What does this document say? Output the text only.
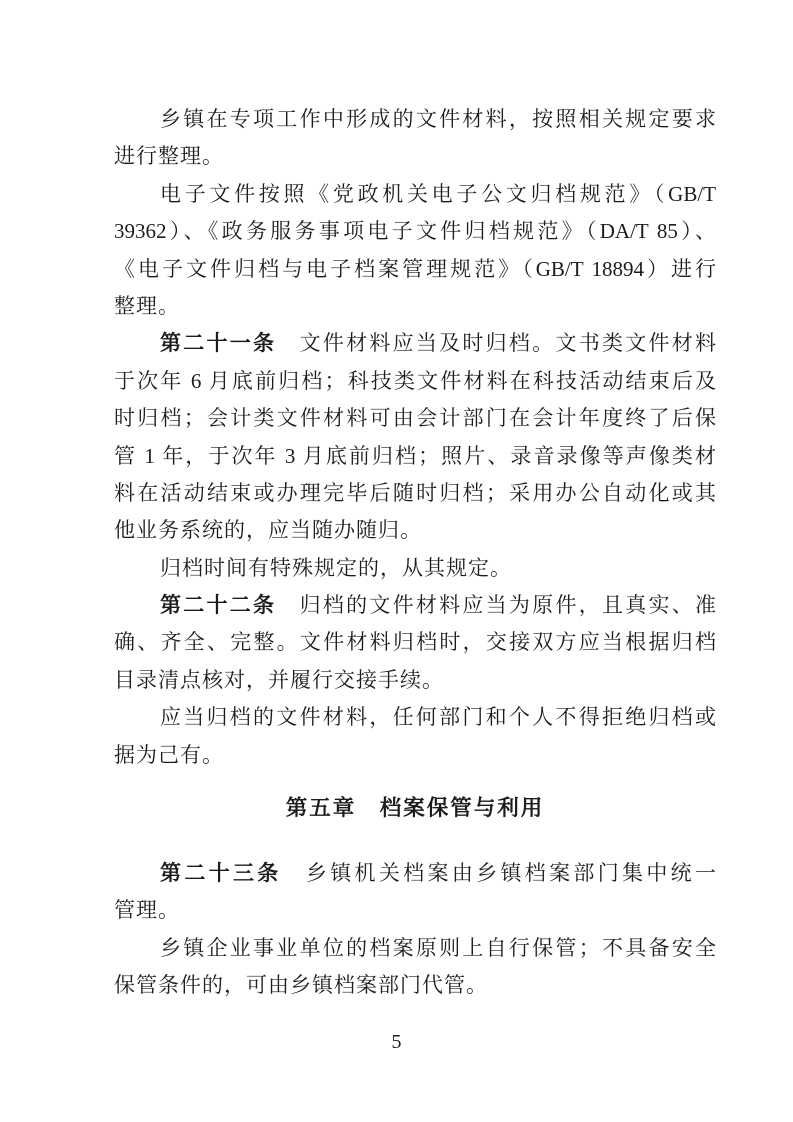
乡镇在专项工作中形成的文件材料，按照相关规定要求
进行整理。
电子文件按照《党政机关电子公文归档规范》（GB/T
39362）、《政务服务事项电子文件归档规范》（DA/T 85）、
《电子文件归档与电子档案管理规范》（GB/T 18894）进行
整理。
第二十一条　文件材料应当及时归档。文书类文件材料
于次年 6 月底前归档；科技类文件材料在科技活动结束后及
时归档；会计类文件材料可由会计部门在会计年度终了后保
管 1 年，于次年 3 月底前归档；照片、录音录像等声像类材
料在活动结束或办理完毕后随时归档；采用办公自动化或其
他业务系统的，应当随办随归。
归档时间有特殊规定的，从其规定。
第二十二条　归档的文件材料应当为原件，且真实、准
确、齐全、完整。文件材料归档时，交接双方应当根据归档
目录清点核对，并履行交接手续。
应当归档的文件材料，任何部门和个人不得拒绝归档或
据为己有。
第五章　档案保管与利用
第二十三条　乡镇机关档案由乡镇档案部门集中统一
管理。
乡镇企业事业单位的档案原则上自行保管；不具备安全
保管条件的，可由乡镇档案部门代管。
5
